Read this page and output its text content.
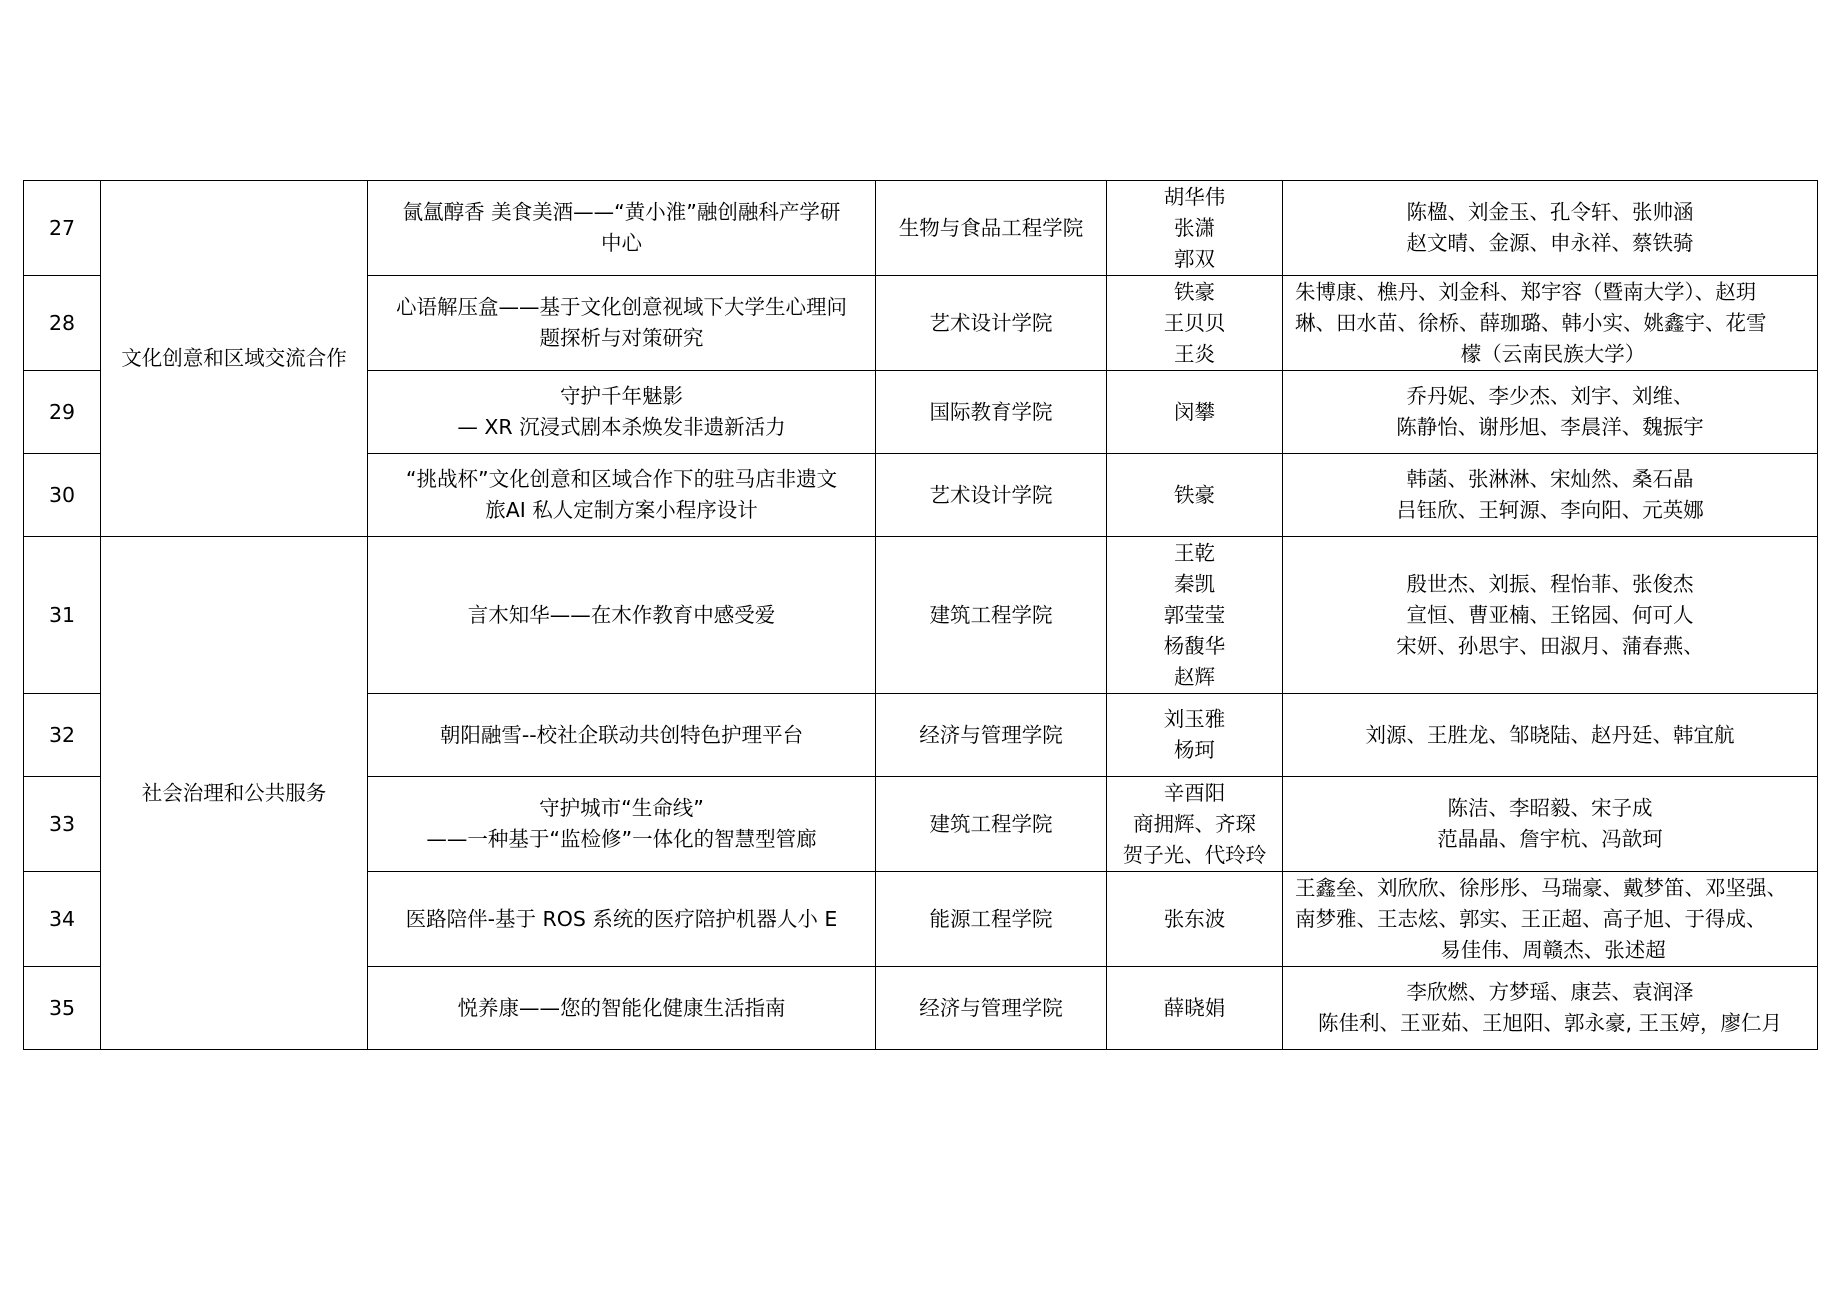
27	文化创意和区域交流合作	氤氲醇香 美食美酒——“黄小淮”融创融科产学研
中心	生物与食品工程学院	胡华伟
张潇
郭双	陈楹、刘金玉、孔令轩、张帅涵
赵文晴、金源、申永祥、蔡铁骑

28		心语解压盒——基于文化创意视域下大学生心理问
题探析与对策研究	艺术设计学院	铁豪
王贝贝
王炎	朱博康、樵丹、刘金科、郑宇容（暨南大学）、赵玥
琳、田水苗、徐桥、薛珈璐、韩小实、姚鑫宇、花雪
檬（云南民族大学）

29		守护千年魅影
— XR 沉浸式剧本杀焕发非遗新活力	国际教育学院	闵攀	乔丹妮、李少杰、刘宇、刘维、
陈静怡、谢彤旭、李晨洋、魏振宇

30		“挑战杯”文化创意和区域合作下的驻马店非遗文
旅AI 私人定制方案小程序设计	艺术设计学院	铁豪	韩菡、张淋淋、宋灿然、桑石晶
吕钰欣、王轲源、李向阳、元英娜

31	社会治理和公共服务	言木知华——在木作教育中感受爱	建筑工程学院	王乾
秦凯
郭莹莹
杨馥华
赵辉	殷世杰、刘振、程怡菲、张俊杰
宣恒、曹亚楠、王铭园、何可人
宋妍、孙思宇、田淑月、蒲春燕、

32		朝阳融雪--校社企联动共创特色护理平台	经济与管理学院	刘玉雅
杨珂	刘源、王胜龙、邹晓陆、赵丹廷、韩宜航

33		守护城市“生命线”
——一种基于“监检修”一体化的智慧型管廊	建筑工程学院	辛酉阳
商拥辉、齐琛
贺子光、代玲玲	陈洁、李昭毅、宋子成
范晶晶、詹宇杭、冯歆珂

34		医路陪伴-基于 ROS 系统的医疗陪护机器人小 E	能源工程学院	张东波	王鑫垒、刘欣欣、徐彤彤、马瑞豪、戴梦笛、邓坚强、
南梦雅、王志炫、郭实、王正超、高子旭、于得成、
易佳伟、周赣杰、张述超

35		悦养康——您的智能化健康生活指南	经济与管理学院	薛晓娟	李欣燃、方梦瑶、康芸、袁润泽
陈佳利、王亚茹、王旭阳、郭永豪, 王玉婷，廖仁月
